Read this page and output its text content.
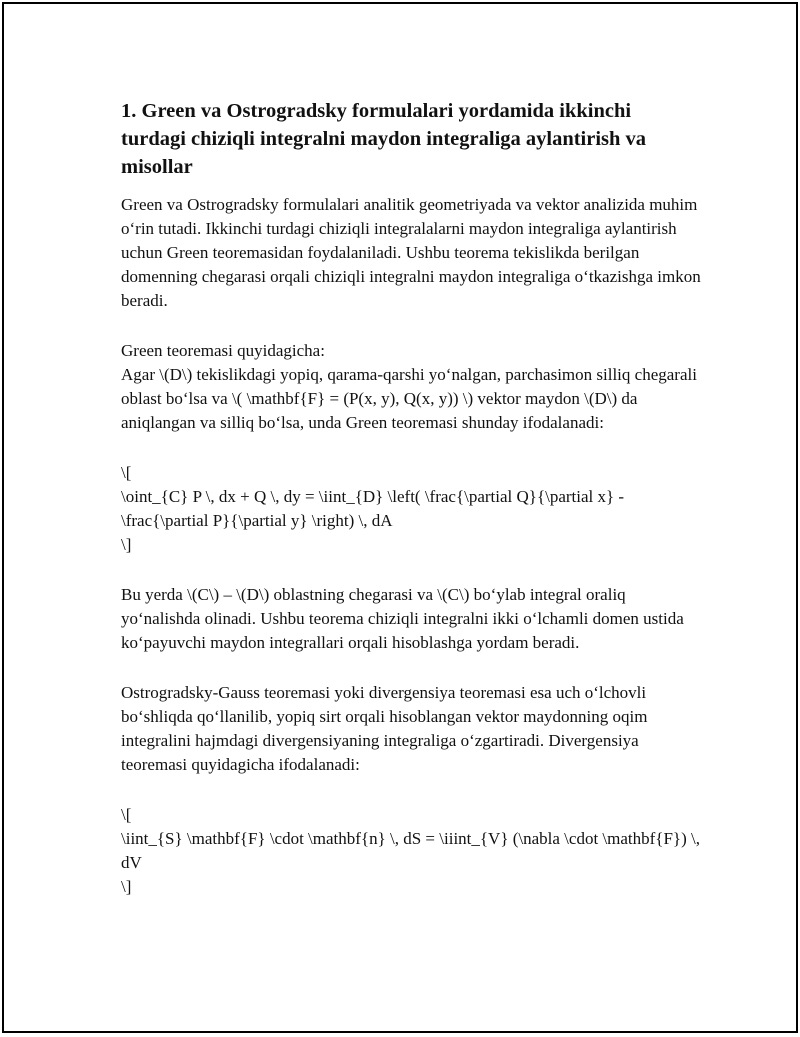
1. Green va Ostrogradsky formulalari yordamida ikkinchi turdagi chiziqli integralni maydon integraliga aylantirish va misollar

Green va Ostrogradsky formulalari analitik geometriyada va vektor analizida muhim o‘rin tutadi. Ikkinchi turdagi chiziqli integralalarni maydon integraliga aylantirish uchun Green teoremasidan foydalaniladi. Ushbu teorema tekislikda berilgan domenning chegarasi orqali chiziqli integralni maydon integraliga o‘tkazishga imkon beradi.

Green teoremasi quyidagicha:
Agar \(D\) tekislikdagi yopiq, qarama-qarshi yo‘nalgan, parchasimon silliq chegarali oblast bo‘lsa va \( \mathbf{F} = (P(x, y), Q(x, y)) \) vektor maydon \(D\) da aniqlangan va silliq bo‘lsa, unda Green teoremasi shunday ifodalanadi:

\[
\oint_{C} P \, dx + Q \, dy = \iint_{D} \left( \frac{\partial Q}{\partial x} - \frac{\partial P}{\partial y} \right) \, dA
\]

Bu yerda \(C\) – \(D\) oblastning chegarasi va \(C\) bo‘ylab integral oraliq yo‘nalishda olinadi. Ushbu teorema chiziqli integralni ikki o‘lchamli domen ustida ko‘payuvchi maydon integrallari orqali hisoblashga yordam beradi.

Ostrogradsky-Gauss teoremasi yoki divergensiya teoremasi esa uch o‘lchovli bo‘shliqda qo‘llanilib, yopiq sirt orqali hisoblangan vektor maydonning oqim integralini hajmdagi divergensiyaning integraliga o‘zgartiradi. Divergensiya teoremasi quyidagicha ifodalanadi:

\[
\iint_{S} \mathbf{F} \cdot \mathbf{n} \, dS = \iiint_{V} (\nabla \cdot \mathbf{F}) \, dV
\]
